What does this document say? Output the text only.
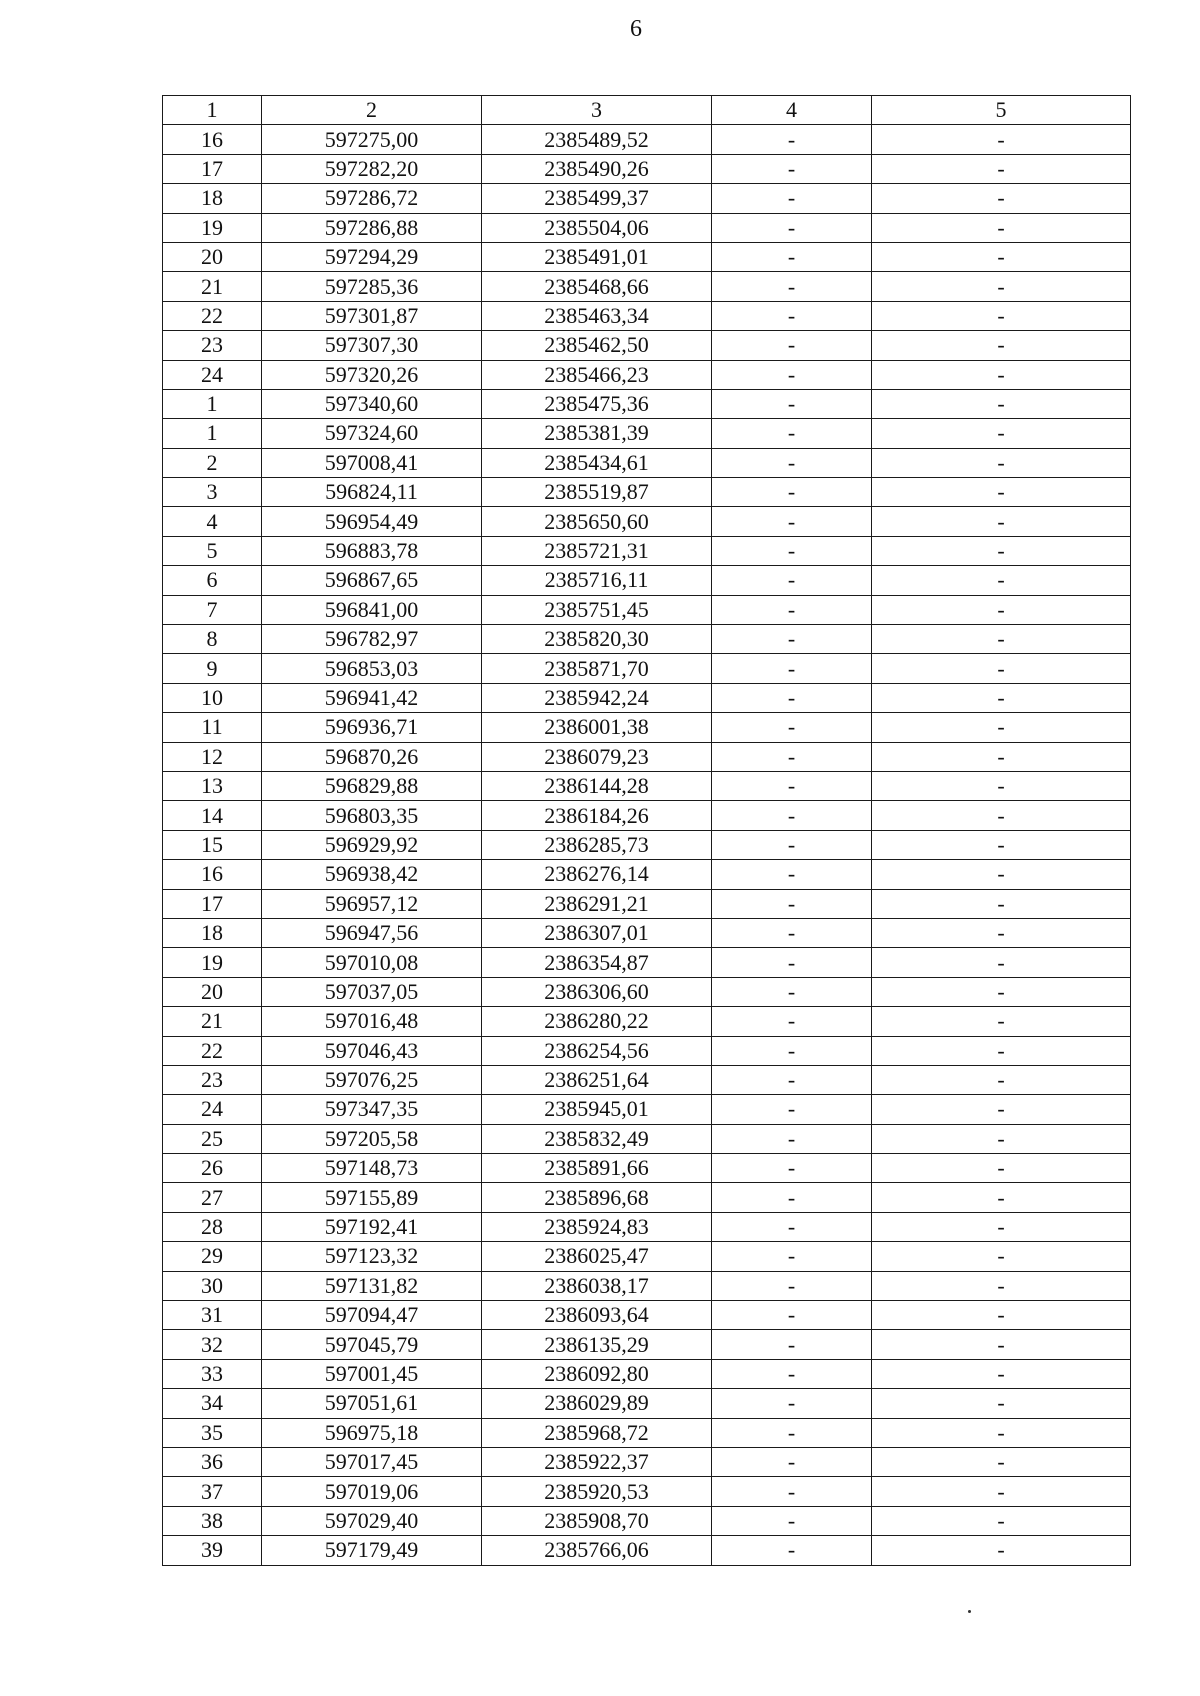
6
1	2	3	4	5
16	597275,00	2385489,52	-	-
17	597282,20	2385490,26	-	-
18	597286,72	2385499,37	-	-
19	597286,88	2385504,06	-	-
20	597294,29	2385491,01	-	-
21	597285,36	2385468,66	-	-
22	597301,87	2385463,34	-	-
23	597307,30	2385462,50	-	-
24	597320,26	2385466,23	-	-
1	597340,60	2385475,36	-	-
1	597324,60	2385381,39	-	-
2	597008,41	2385434,61	-	-
3	596824,11	2385519,87	-	-
4	596954,49	2385650,60	-	-
5	596883,78	2385721,31	-	-
6	596867,65	2385716,11	-	-
7	596841,00	2385751,45	-	-
8	596782,97	2385820,30	-	-
9	596853,03	2385871,70	-	-
10	596941,42	2385942,24	-	-
11	596936,71	2386001,38	-	-
12	596870,26	2386079,23	-	-
13	596829,88	2386144,28	-	-
14	596803,35	2386184,26	-	-
15	596929,92	2386285,73	-	-
16	596938,42	2386276,14	-	-
17	596957,12	2386291,21	-	-
18	596947,56	2386307,01	-	-
19	597010,08	2386354,87	-	-
20	597037,05	2386306,60	-	-
21	597016,48	2386280,22	-	-
22	597046,43	2386254,56	-	-
23	597076,25	2386251,64	-	-
24	597347,35	2385945,01	-	-
25	597205,58	2385832,49	-	-
26	597148,73	2385891,66	-	-
27	597155,89	2385896,68	-	-
28	597192,41	2385924,83	-	-
29	597123,32	2386025,47	-	-
30	597131,82	2386038,17	-	-
31	597094,47	2386093,64	-	-
32	597045,79	2386135,29	-	-
33	597001,45	2386092,80	-	-
34	597051,61	2386029,89	-	-
35	596975,18	2385968,72	-	-
36	597017,45	2385922,37	-	-
37	597019,06	2385920,53	-	-
38	597029,40	2385908,70	-	-
39	597179,49	2385766,06	-	-
